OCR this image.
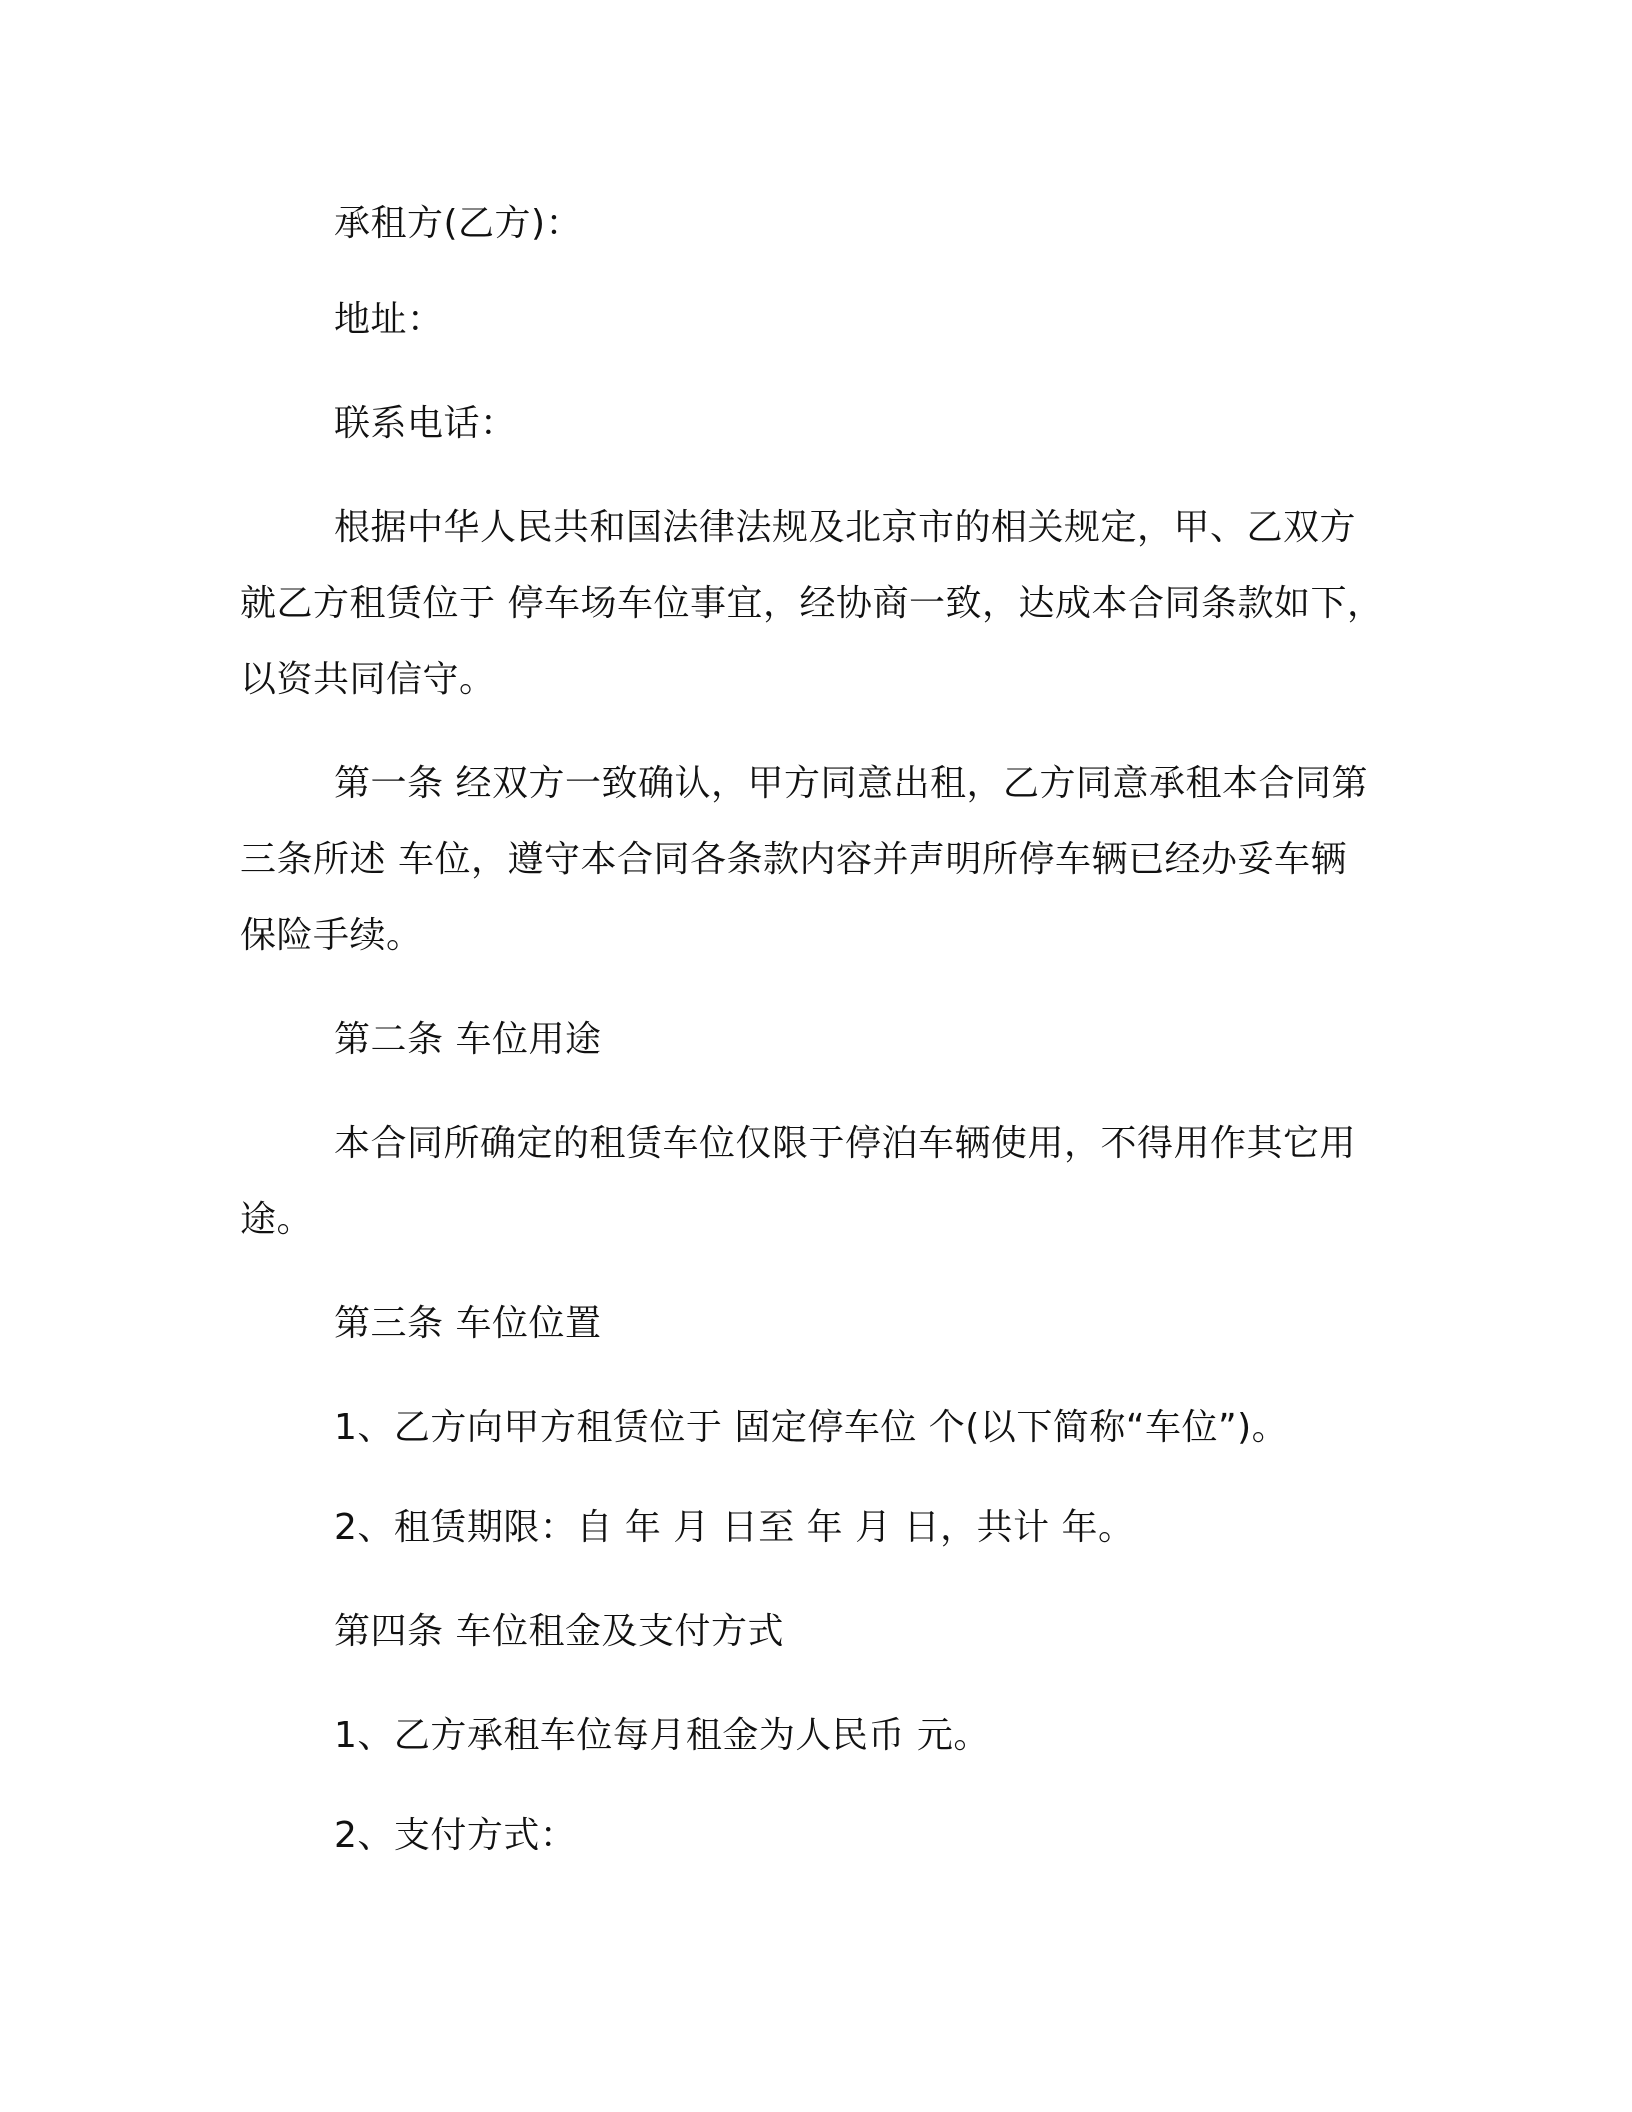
承租方(乙方)：

地址：

联系电话：

根据中华人民共和国法律法规及北京市的相关规定，甲、乙双方
就乙方租赁位于 停车场车位事宜，经协商一致，达成本合同条款如下，
以资共同信守。

第一条 经双方一致确认，甲方同意出租，乙方同意承租本合同第
三条所述 车位，遵守本合同各条款内容并声明所停车辆已经办妥车辆
保险手续。

第二条 车位用途

本合同所确定的租赁车位仅限于停泊车辆使用，不得用作其它用
途。

第三条 车位位置

1、乙方向甲方租赁位于 固定停车位 个(以下简称“车位”)。

2、租赁期限：自 年 月 日至 年 月 日，共计 年。

第四条 车位租金及支付方式

1、乙方承租车位每月租金为人民币 元。

2、支付方式：
